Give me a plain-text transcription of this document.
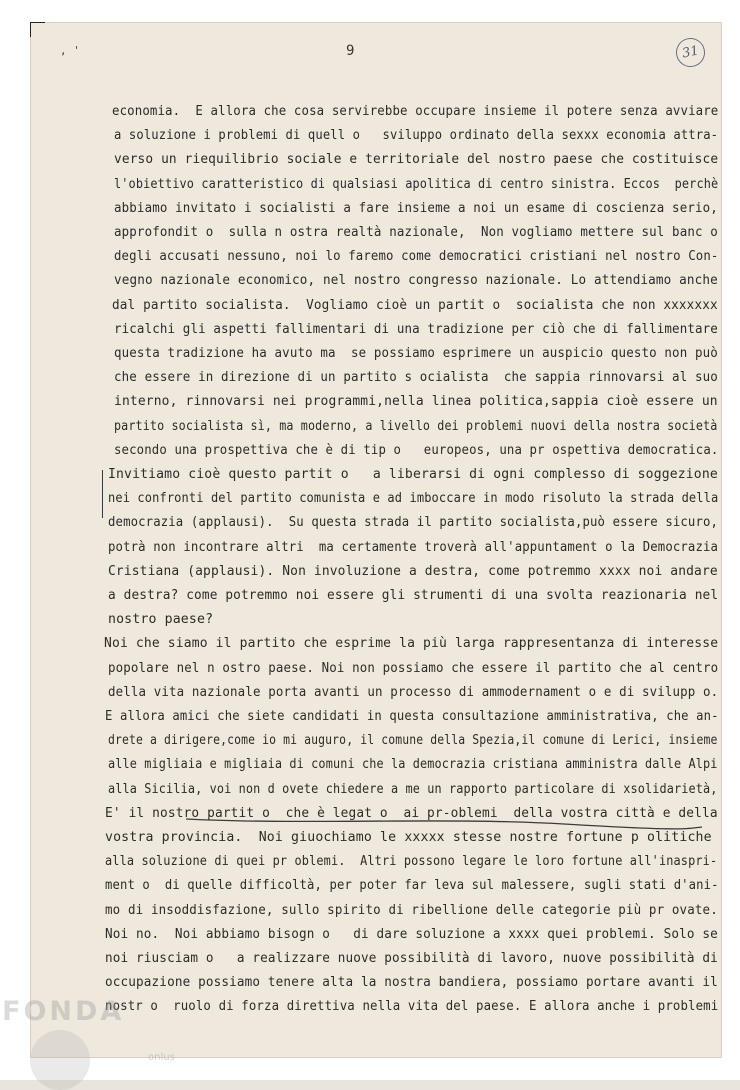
, '	9	31
economia.  E allora che cosa servirebbe occupare insieme il potere senza avviare
a soluzione i problemi di quell o   sviluppo ordinato della sexxx economia attra-
verso un riequilibrio sociale e territoriale del nostro paese che costituisce
l'obiettivo caratteristico di qualsiasi apolitica di centro sinistra. Eccos  perchè
abbiamo invitato i socialisti a fare insieme a noi un esame di coscienza serio,
approfondit o  sulla n ostra realtà nazionale,  Non vogliamo mettere sul banc o
degli accusati nessuno, noi lo faremo come democratici cristiani nel nostro Con-
vegno nazionale economico, nel nostro congresso nazionale. Lo attendiamo anche
dal partito socialista.  Vogliamo cioè un partit o  socialista che non xxxxxxx
ricalchi gli aspetti fallimentari di una tradizione per ciò che di fallimentare
questa tradizione ha avuto ma  se possiamo esprimere un auspicio questo non può
che essere in direzione di un partito s ocialista  che sappia rinnovarsi al suo
interno, rinnovarsi nei programmi,nella linea politica,sappia cioè essere un
partito socialista sì, ma moderno, a livello dei problemi nuovi della nostra società
secondo una prospettiva che è di tip o   europeos, una pr ospettiva democratica.
Invitiamo cioè questo partit o   a liberarsi di ogni complesso di soggezione
nei confronti del partito comunista e ad imboccare in modo risoluto la strada della
democrazia (applausi).  Su questa strada il partito socialista,può essere sicuro,
potrà non incontrare altri  ma certamente troverà all'appuntament o la Democrazia
Cristiana (applausi). Non involuzione a destra, come potremmo xxxx noi andare
a destra? come potremmo noi essere gli strumenti di una svolta reazionaria nel
nostro paese?
Noi che siamo il partito che esprime la più larga rappresentanza di interesse
popolare nel n ostro paese. Noi non possiamo che essere il partito che al centro
della vita nazionale porta avanti un processo di ammodernament o e di svilupp o.
E allora amici che siete candidati in questa consultazione amministrativa, che an-
drete a dirigere,come io mi auguro, il comune della Spezia,il comune di Lerici, insieme
alle migliaia e migliaia di comuni che la democrazia cristiana amministra dalle Alpi
alla Sicilia, voi non d ovete chiedere a me un rapporto particolare di xsolidarietà,
E' il nostro partit o  che è legat o  ai pr-oblemi  della vostra città e della
vostra provincia.  Noi giuochiamo le xxxxx stesse nostre fortune p olitiche
alla soluzione di quei pr oblemi.  Altri possono legare le loro fortune all'inaspri-
ment o  di quelle difficoltà, per poter far leva sul malessere, sugli stati d'ani-
mo di insoddisfazione, sullo spirito di ribellione delle categorie più pr ovate.
Noi no.  Noi abbiamo bisogn o   di dare soluzione a xxxx quei problemi. Solo se
noi riusciam o   a realizzare nuove possibilità di lavoro, nuove possibilità di
occupazione possiamo tenere alta la nostra bandiera, possiamo portare avanti il
nostr o  ruolo di forza direttiva nella vita del paese. E allora anche i problemi
FONDA
onlus
